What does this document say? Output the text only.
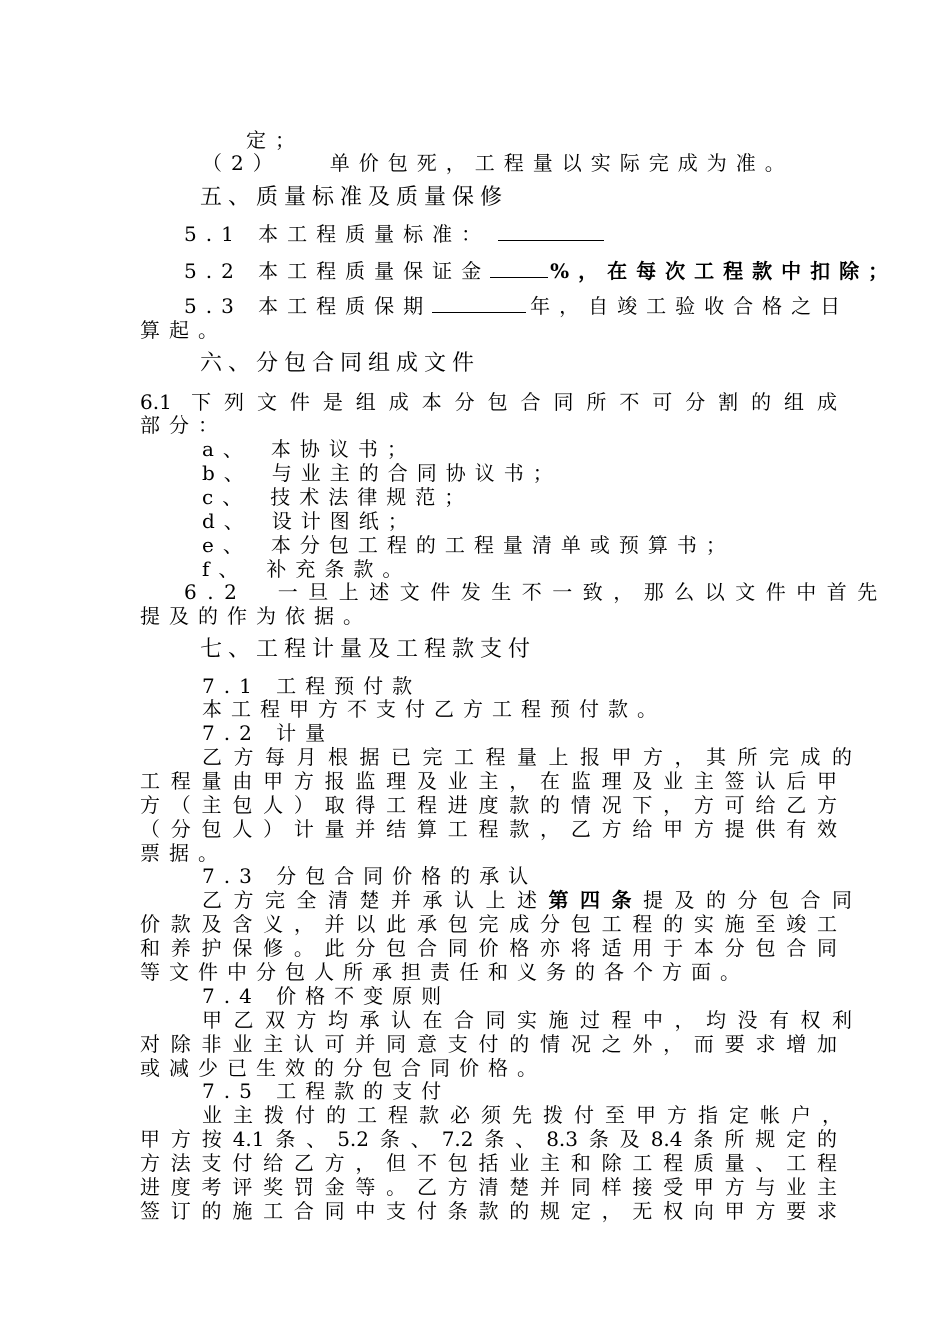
定；
（2）　　单价包死，工程量以实际完成为准。
五、质量标准及质量保修
5.1 本工程质量标准：
5.2 本工程质量保证金	%，在每次工程款中扣除；
5.3 本工程质保期	年，自竣工验收合格之日
算起。
六、分包合同组成文件
6.1 下列文件是组成本分包合同所不可分割的组成
部分：
a、　本协议书；
b、　与业主的合同协议书；
c、　技术法律规范；
d、　设计图纸；
e、　本分包工程的工程量清单或预算书；
f、　补充条款。
6.2　一旦上述文件发生不一致，那么以文件中首先
提及的作为依据。
七、工程计量及工程款支付
7.1 工程预付款
本工程甲方不支付乙方工程预付款。
7.2 计量
乙方每月根据已完工程量上报甲方，其所完成的
工程量由甲方报监理及业主，在监理及业主签认后甲
方（主包人）取得工程进度款的情况下，方可给乙方
（分包人）计量并结算工程款，乙方给甲方提供有效
票据。
7.3 分包合同价格的承认
乙方完全清楚并承认上述第四条提及的分包合同
价款及含义，并以此承包完成分包工程的实施至竣工
和养护保修。此分包合同价格亦将适用于本分包合同
等文件中分包人所承担责任和义务的各个方面。
7.4 价格不变原则
甲乙双方均承认在合同实施过程中，均没有权利
对除非业主认可并同意支付的情况之外，而要求增加
或减少已生效的分包合同价格。
7.5 工程款的支付
业主拨付的工程款必须先拨付至甲方指定帐户，
甲方按4.1条、5.2条、7.2条、8.3条及8.4条所规定的
方法支付给乙方，但不包括业主和除工程质量、工程
进度考评奖罚金等。乙方清楚并同样接受甲方与业主
签订的施工合同中支付条款的规定，无权向甲方要求
